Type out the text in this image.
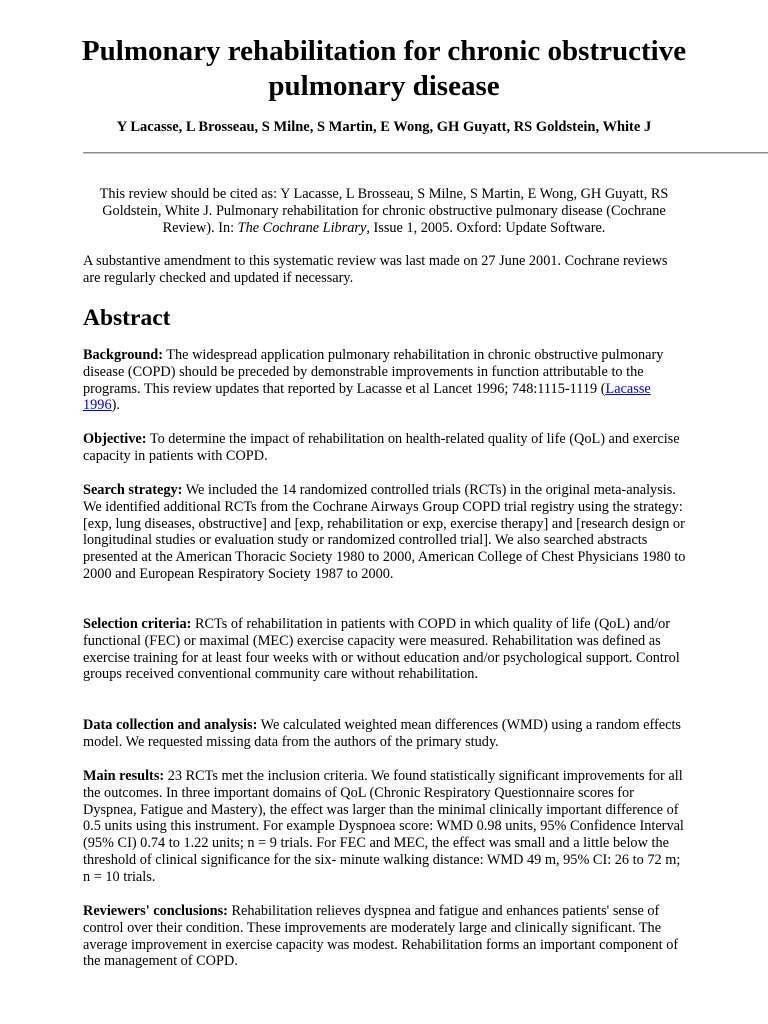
Pulmonary rehabilitation for chronic obstructive
pulmonary disease
Y Lacasse, L Brosseau, S Milne, S Martin, E Wong, GH Guyatt, RS Goldstein, White J
This review should be cited as: Y Lacasse, L Brosseau, S Milne, S Martin, E Wong, GH Guyatt, RS Goldstein, White J. Pulmonary rehabilitation for chronic obstructive pulmonary disease (Cochrane Review). In: The Cochrane Library, Issue 1, 2005. Oxford: Update Software.
A substantive amendment to this systematic review was last made on 27 June 2001. Cochrane reviews are regularly checked and updated if necessary.
Abstract

Background: The widespread application pulmonary rehabilitation in chronic obstructive pulmonary disease (COPD) should be preceded by demonstrable improvements in function attributable to the programs. This review updates that reported by Lacasse et al Lancet 1996; 748:1115-1119 (Lacasse 1996).

Objective: To determine the impact of rehabilitation on health-related quality of life (QoL) and exercise capacity in patients with COPD.

Search strategy: We included the 14 randomized controlled trials (RCTs) in the original meta-analysis. We identified additional RCTs from the Cochrane Airways Group COPD trial registry using the strategy: [exp, lung diseases, obstructive] and [exp, rehabilitation or exp, exercise therapy] and [research design or longitudinal studies or evaluation study or randomized controlled trial]. We also searched abstracts presented at the American Thoracic Society 1980 to 2000, American College of Chest Physicians 1980 to 2000 and European Respiratory Society 1987 to 2000.

Selection criteria: RCTs of rehabilitation in patients with COPD in which quality of life (QoL) and/or functional (FEC) or maximal (MEC) exercise capacity were measured. Rehabilitation was defined as exercise training for at least four weeks with or without education and/or psychological support. Control groups received conventional community care without rehabilitation.

Data collection and analysis: We calculated weighted mean differences (WMD) using a random effects model. We requested missing data from the authors of the primary study.

Main results: 23 RCTs met the inclusion criteria. We found statistically significant improvements for all the outcomes. In three important domains of QoL (Chronic Respiratory Questionnaire scores for Dyspnea, Fatigue and Mastery), the effect was larger than the minimal clinically important difference of 0.5 units using this instrument. For example Dyspnoea score: WMD 0.98 units, 95% Confidence Interval (95% CI) 0.74 to 1.22 units; n = 9 trials. For FEC and MEC, the effect was small and a little below the threshold of clinical significance for the six- minute walking distance: WMD 49 m, 95% CI: 26 to 72 m; n = 10 trials.

Reviewers' conclusions: Rehabilitation relieves dyspnea and fatigue and enhances patients' sense of control over their condition. These improvements are moderately large and clinically significant. The average improvement in exercise capacity was modest. Rehabilitation forms an important component of the management of COPD.
